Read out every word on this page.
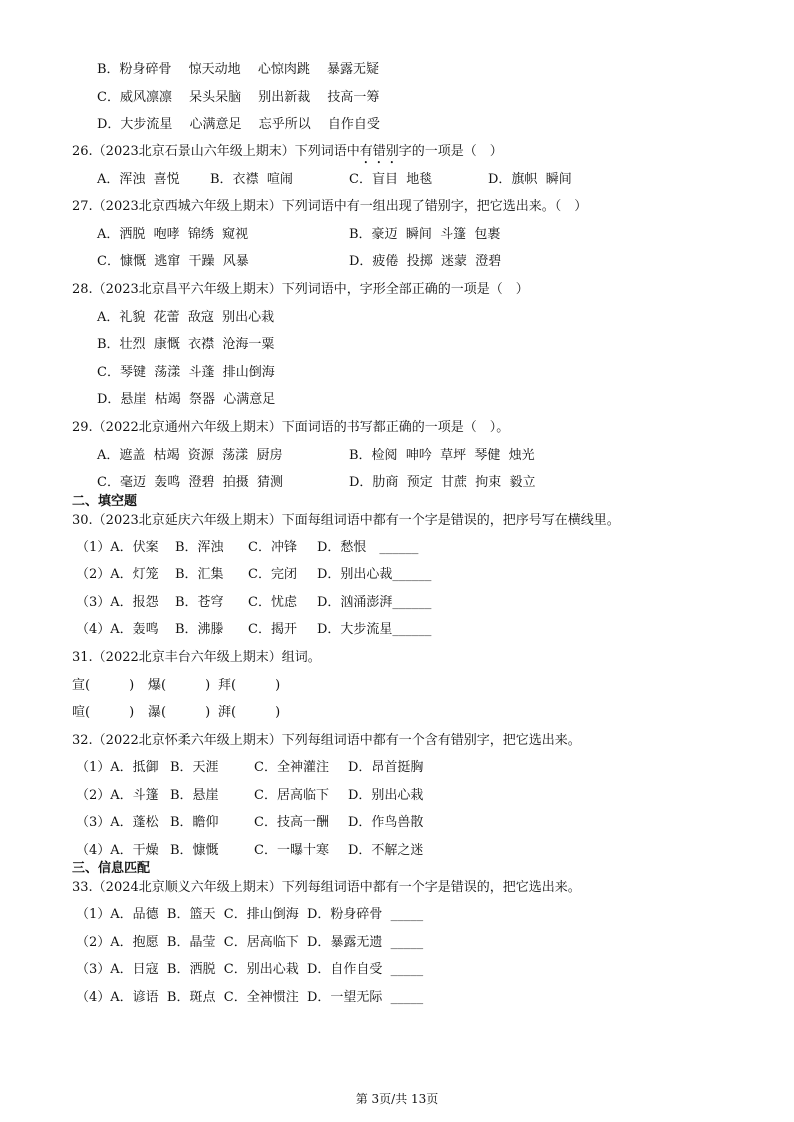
B．粉身碎骨　 惊天动地　 心惊肉跳　 暴露无疑
C．威风凛凛　 呆头呆脑　 别出新裁　 技高一筹
D．大步流星　 心满意足　 忘乎所以　 自作自受
26.（2023北京石景山六年级上期末）下列词语中有错别字的一项是（　）
A．浑浊  喜悦 B．衣襟  喧闹	C．盲目  地毯	D．旗帜  瞬间
27.（2023北京西城六年级上期末）下列词语中有一组出现了错别字，把它选出来。（　）
A．洒脱  咆哮  锦绣  窥视	B．豪迈  瞬间  斗篷  包裹
C．慷慨  逃窜  干躁  风暴	D．疲倦  投掷  迷蒙  澄碧
28.（2023北京昌平六年级上期末）下列词语中，字形全部正确的一项是（　）
A．礼貌  花蕾  敌寇  别出心栽
B．壮烈  康慨  衣襟  沧海一粟
C．琴键  荡漾  斗蓬  排山倒海
D．悬崖  枯竭  祭器  心满意足
29.（2022北京通州六年级上期末）下面词语的书写都正确的一项是（　）。
A．遮盖  枯竭  资源  荡漾  厨房	B．检阅  呻吟  草坪  琴健  烛光
C．毫迈  轰鸣  澄碧  拍摄  猜测	D．肋商  预定  甘蔗  拘束  毅立
二、填空题
30.（2023北京延庆六年级上期末）下面每组词语中都有一个字是错误的，把序号写在横线里。
（1）A．伏案 B．浑浊 C．冲锋 D．愁恨　______
（2）A．灯笼 B．汇集 C．完闭 D．别出心裁______
（3）A．报怨 B．苍穹 C．忧虑 D．汹涌澎湃______
（4）A．轰鸣 B．沸滕 C．揭开 D．大步流星______
31.（2022北京丰台六年级上期末）组词。
宣(　　　) 爆(　　　) 拜(　　　)
喧(　　　) 瀑(　　　) 湃(　　　)
32.（2022北京怀柔六年级上期末）下列每组词语中都有一个含有错别字，把它选出来。
（1）A．抵御 B．天涯	C．全神灌注 D．昂首挺胸
（2）A．斗篷 B．悬崖	C．居高临下 D．别出心栽
（3）A．蓬松 B．瞻仰	C．技高一酬 D．作鸟兽散
（4）A．干燥 B．慷慨	C．一曝十寒 D．不解之迷
三、信息匹配
33.（2024北京顺义六年级上期末）下列每组词语中都有一个字是错误的，把它选出来。
（1）A．品德  B．篮天  C．排山倒海  D．粉身碎骨  _____
（2）A．抱愿  B．晶莹  C．居高临下  D．暴露无遗  _____
（3）A．日寇  B．洒脱  C．别出心栽  D．自作自受  _____
（4）A．谚语  B．斑点  C．全神惯注  D．一望无际  _____
第 3页/共 13页
